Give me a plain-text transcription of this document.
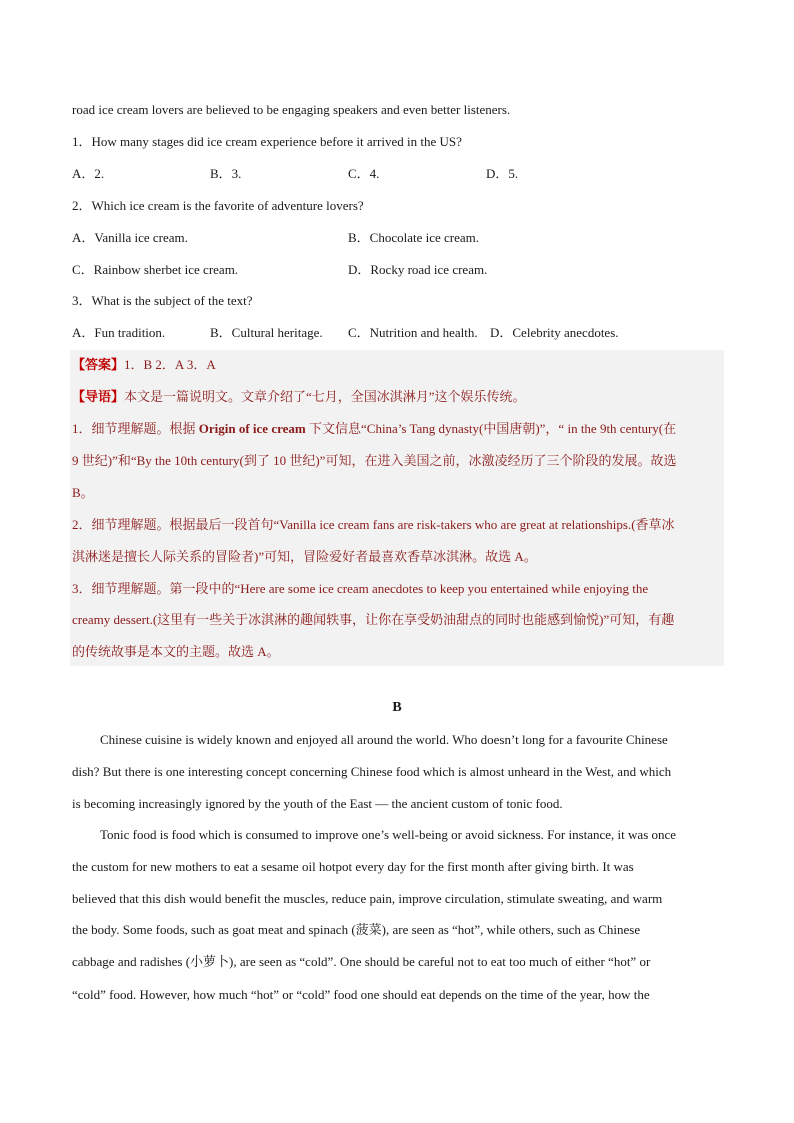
road ice cream lovers are believed to be engaging speakers and even better listeners.
1．How many stages did ice cream experience before it arrived in the US?
A．2.	B．3.	C．4.	D．5.
2．Which ice cream is the favorite of adventure lovers?
A．Vanilla ice cream.	B．Chocolate ice cream.
C．Rainbow sherbet ice cream.	D．Rocky road ice cream.
3．What is the subject of the text?
A．Fun tradition.	B．Cultural heritage. C．Nutrition and health. D．Celebrity anecdotes.
【答案】1．B 2．A 3．A
【导语】本文是一篇说明文。文章介绍了“七月，全国冰淇淋月”这个娱乐传统。
1．细节理解题。根据 Origin of ice cream 下文信息“China’s Tang dynasty(中国唐朝)”，“ in the 9th century(在
9 世纪)”和“By the 10th century(到了 10 世纪)”可知，在进入美国之前，冰激凌经历了三个阶段的发展。故选
B。
2．细节理解题。根据最后一段首句“Vanilla ice cream fans are risk-takers who are great at relationships.(香草冰
淇淋迷是擅长人际关系的冒险者)”可知，冒险爱好者最喜欢香草冰淇淋。故选 A。
3．细节理解题。第一段中的“Here are some ice cream anecdotes to keep you entertained while enjoying the
creamy dessert.(这里有一些关于冰淇淋的趣闻轶事，让你在享受奶油甜点的同时也能感到愉悦)”可知，有趣
的传统故事是本文的主题。故选 A。
B
Chinese cuisine is widely known and enjoyed all around the world. Who doesn’t long for a favourite Chinese
dish? But there is one interesting concept concerning Chinese food which is almost unheard in the West, and which
is becoming increasingly ignored by the youth of the East — the ancient custom of tonic food.
Tonic food is food which is consumed to improve one’s well-being or avoid sickness. For instance, it was once
the custom for new mothers to eat a sesame oil hotpot every day for the first month after giving birth. It was
believed that this dish would benefit the muscles, reduce pain, improve circulation, stimulate sweating, and warm
the body. Some foods, such as goat meat and spinach (菠菜), are seen as “hot”, while others, such as Chinese
cabbage and radishes (小萝卜), are seen as “cold”. One should be careful not to eat too much of either “hot” or
“cold” food. However, how much “hot” or “cold” food one should eat depends on the time of the year, how the
